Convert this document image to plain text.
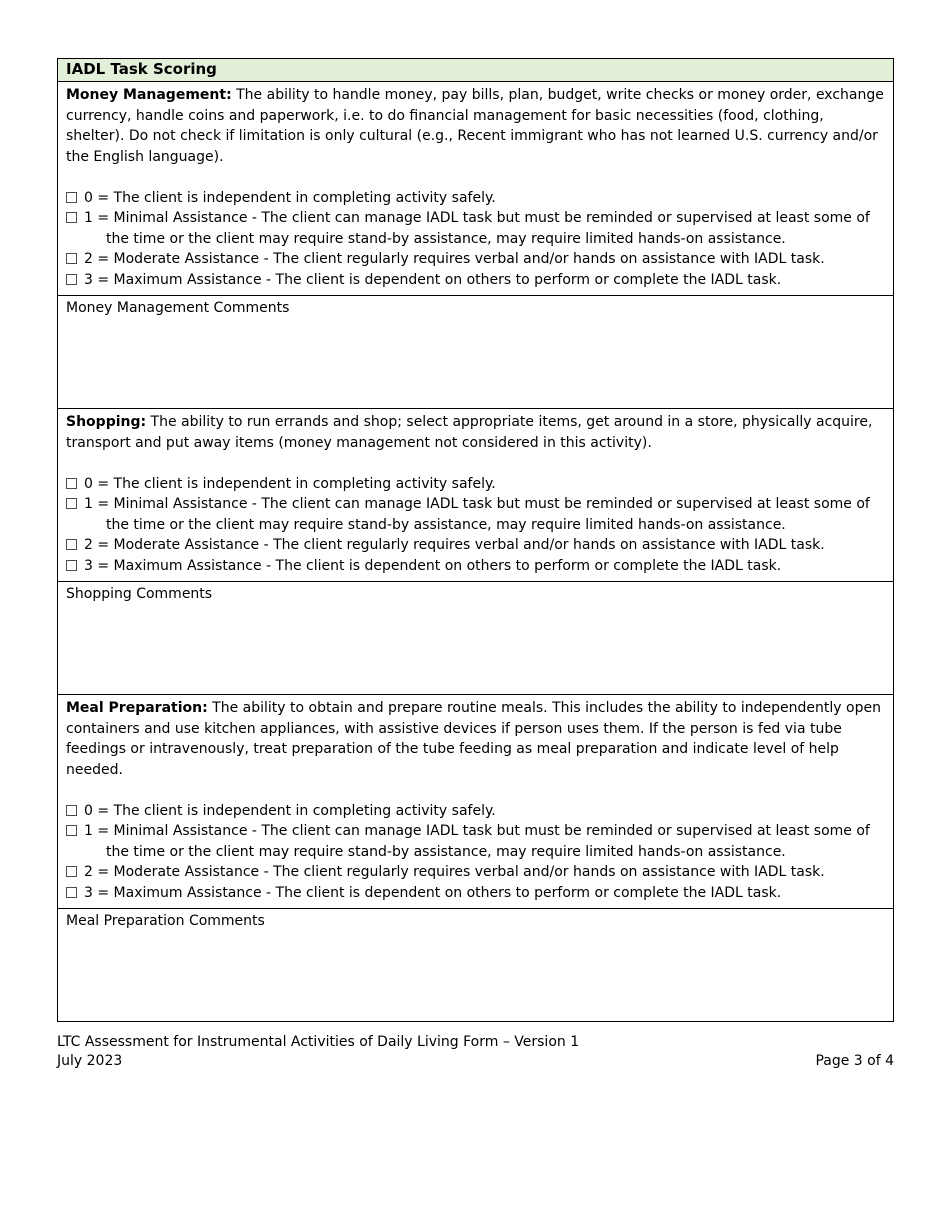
IADL Task Scoring

Money Management: The ability to handle money, pay bills, plan, budget, write checks or money order, exchange currency, handle coins and paperwork, i.e. to do financial management for basic necessities (food, clothing, shelter). Do not check if limitation is only cultural (e.g., Recent immigrant who has not learned U.S. currency and/or the English language).

0 = The client is independent in completing activity safely.
1 = Minimal Assistance - The client can manage IADL task but must be reminded or supervised at least some of the time or the client may require stand-by assistance, may require limited hands-on assistance.
2 = Moderate Assistance - The client regularly requires verbal and/or hands on assistance with IADL task.
3 = Maximum Assistance - The client is dependent on others to perform or complete the IADL task.
Money Management Comments

Shopping: The ability to run errands and shop; select appropriate items, get around in a store, physically acquire, transport and put away items (money management not considered in this activity).

0 = The client is independent in completing activity safely.
1 = Minimal Assistance - The client can manage IADL task but must be reminded or supervised at least some of the time or the client may require stand-by assistance, may require limited hands-on assistance.
2 = Moderate Assistance - The client regularly requires verbal and/or hands on assistance with IADL task.
3 = Maximum Assistance - The client is dependent on others to perform or complete the IADL task.
Shopping Comments

Meal Preparation: The ability to obtain and prepare routine meals. This includes the ability to independently open containers and use kitchen appliances, with assistive devices if person uses them. If the person is fed via tube feedings or intravenously, treat preparation of the tube feeding as meal preparation and indicate level of help needed.

0 = The client is independent in completing activity safely.
1 = Minimal Assistance - The client can manage IADL task but must be reminded or supervised at least some of the time or the client may require stand-by assistance, may require limited hands-on assistance.
2 = Moderate Assistance - The client regularly requires verbal and/or hands on assistance with IADL task.
3 = Maximum Assistance - The client is dependent on others to perform or complete the IADL task.
Meal Preparation Comments
LTC Assessment for Instrumental Activities of Daily Living Form – Version 1
July 2023	Page 3 of 4
